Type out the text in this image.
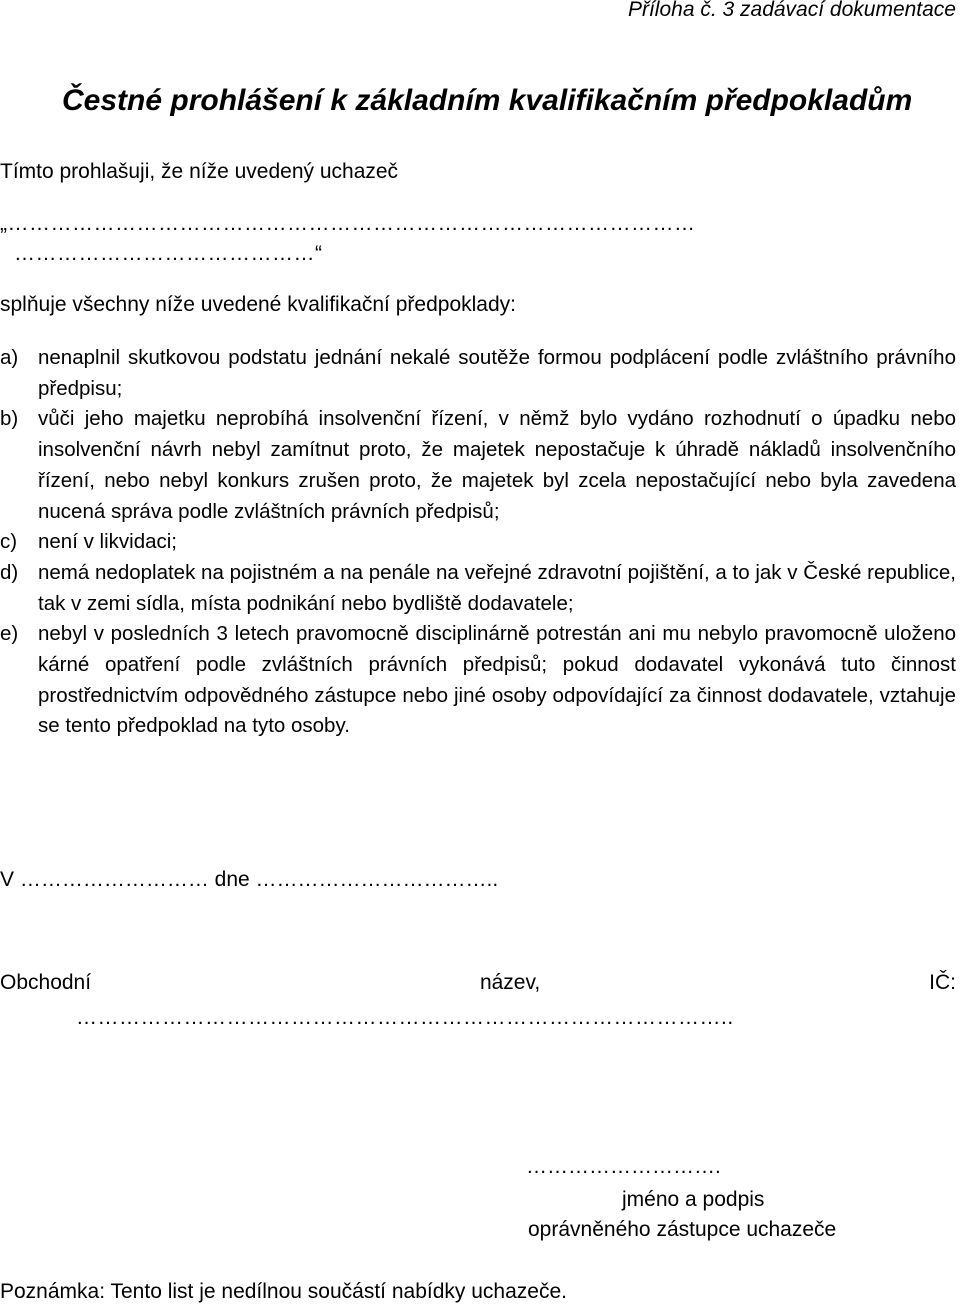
Příloha č. 3 zadávací dokumentace
Čestné prohlášení k základním kvalifikačním předpokladům
Tímto prohlašuji, že níže uvedený uchazeč
„……………………………………………………………………………………
……………………………………“
splňuje všechny níže uvedené kvalifikační předpoklady:
a) nenaplnil skutkovou podstatu jednání nekalé soutěže formou podplácení podle zvláštního právního předpisu;
b) vůči jeho majetku neprobíhá insolvenční řízení, v němž bylo vydáno rozhodnutí o úpadku nebo insolvenční návrh nebyl zamítnut proto, že majetek nepostačuje k úhradě nákladů insolvenčního řízení, nebo nebyl konkurs zrušen proto, že majetek byl zcela nepostačující nebo byla zavedena nucená správa podle zvláštních právních předpisů;
c)	není v likvidaci;
d) nemá nedoplatek na pojistném a na penále na veřejné zdravotní pojištění, a to jak v České republice, tak v zemi sídla, místa podnikání nebo bydliště dodavatele;
e) nebyl v posledních 3 letech pravomocně disciplinárně potrestán ani mu nebylo pravomocně uloženo kárné opatření podle zvláštních právních předpisů; pokud dodavatel vykonává tuto činnost prostřednictvím odpovědného zástupce nebo jiné osoby odpovídající za činnost dodavatele, vztahuje se tento předpoklad na tyto osoby.
V ……………………… dne ……………………………..
Obchodní	název,	IČ:
………………………………………………………………………………..
……………………….
jméno a podpis
oprávněného zástupce uchazeče
Poznámka: Tento list je nedílnou součástí nabídky uchazeče.
